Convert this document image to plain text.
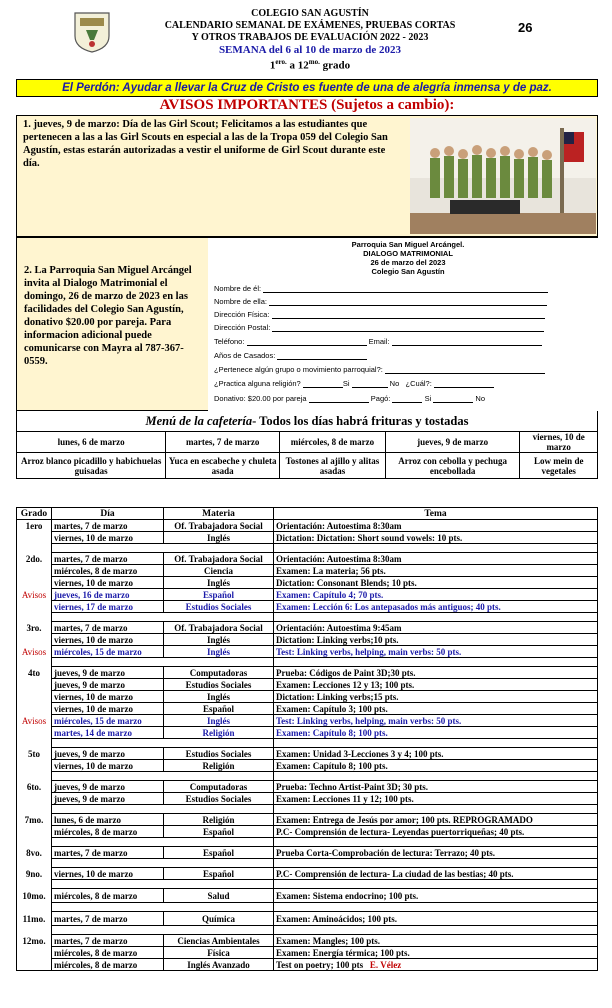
COLEGIO SAN AGUSTÍN
CALENDARIO SEMANAL DE EXÁMENES, PRUEBAS CORTAS
Y OTROS TRABAJOS DE EVALUACIÓN 2022 - 2023
SEMANA del 6 al 10 de marzo de 2023
$1^{ero.}$ a $12^{mo.}$ grado
26
El Perdón: Ayudar a llevar la Cruz de Cristo es fuente de una de alegría inmensa y de paz.
AVISOS IMPORTANTES (Sujetos a cambio):
1. jueves, 9 de marzo: Día de las Girl Scout; Felicitamos a las estudiantes que pertenecen a las a las Girl Scouts en especial a las de la Tropa 059 del Colegio San Agustín, estas estarán autorizadas a vestir el uniforme de Girl Scout durante este día.
2. La Parroquia San Miguel Arcángel invita al Dialogo Matrimonial el domingo, 26 de marzo de 2023 en las facilidades del Colegio San Agustín, donativo $20.00 por pareja. Para informacion adicional puede comunicarse con Mayra al 787-367-0559.
Parroquia San Miguel Arcángel.
DIALOGO MATRIMONIAL
26 de marzo del 2023
Colegio San Agustín
Nombre de él:
Nombre de ella:
Dirección Física:
Dirección Postal:
Teléfono:	Email:
Años de Casados:
¿Pertenece algún grupo o movimiento parroquial?:
¿Practica alguna religión?	Si	No ¿Cuál?:
Donativo: $20.00 por pareja	Pagó:	Si	No
Menú de la cafetería- Todos los días habrá frituras y tostadas
lunes, 6 de marzo	martes, 7 de marzo	miércoles, 8 de marzo	jueves, 9 de marzo	viernes, 10 de marzo
Arroz blanco picadillo y habichuelas guisadas	Yuca en escabeche y chuleta asada	Tostones al ajillo y alitas asadas	Arroz con cebolla y pechuga encebollada	Low mein de vegetales
Grado	Día	Materia	Tema
1ero	martes, 7 de marzo	Of. Trabajadora Social	Orientación: Autoestima 8:30am
	viernes, 10 de marzo	Inglés	Dictation: Dictation: Short sound vowels: 10 pts.

2do.	martes, 7 de marzo	Of. Trabajadora Social	Orientación: Autoestima 8:30am
	miércoles, 8 de marzo	Ciencia	Examen: La materia; 56 pts.
	viernes, 10 de marzo	Inglés	Dictation: Consonant Blends; 10 pts.
Avisos	jueves, 16 de marzo	Español	Examen: Capítulo 4; 70 pts.
	viernes, 17 de marzo	Estudios Sociales	Examen: Lección 6: Los antepasados más antiguos; 40 pts.

3ro.	martes, 7 de marzo	Of. Trabajadora Social	Orientación: Autoestima 9:45am
	viernes, 10 de marzo	Inglés	Dictation: Linking verbs;10 pts.
Avisos	miércoles, 15 de marzo	Inglés	Test: Linking verbs, helping, main verbs: 50 pts.

4to	jueves, 9 de marzo	Computadoras	Prueba: Códigos de Paint 3D;30 pts.
	jueves, 9 de marzo	Estudios Sociales	Examen: Lecciones 12 y 13; 100 pts.
	viernes, 10 de marzo	Inglés	Dictation: Linking verbs;15 pts.
	viernes, 10 de marzo	Español	Examen: Capítulo 3; 100 pts.
Avisos	miércoles, 15 de marzo	Inglés	Test: Linking verbs, helping, main verbs: 50 pts.
	martes, 14 de marzo	Religión	Examen: Capítulo 8; 100 pts.

5to	jueves, 9 de marzo	Estudios Sociales	Examen: Unidad 3-Lecciones 3 y 4; 100 pts.
	viernes, 10 de marzo	Religión	Examen: Capítulo 8; 100 pts.

6to.	jueves, 9 de marzo	Computadoras	Prueba: Techno Artist-Paint 3D; 30 pts.
	jueves, 9 de marzo	Estudios Sociales	Examen: Lecciones 11 y 12; 100 pts.

7mo.	lunes, 6 de marzo	Religión	Examen: Entrega de Jesús por amor; 100 pts. REPROGRAMADO
	miércoles, 8 de marzo	Español	P.C- Comprensión de lectura- Leyendas puertorriqueñas; 40 pts.

8vo.	martes, 7 de marzo	Español	Prueba Corta-Comprobación de lectura: Terrazo; 40 pts.

9no.	viernes, 10 de marzo	Español	P.C- Comprensión de lectura- La ciudad de las bestias; 40 pts.

10mo.	miércoles, 8 de marzo	Salud	Examen: Sistema endocrino; 100 pts.

11mo.	martes, 7 de marzo	Química	Examen: Aminoácidos; 100 pts.

12mo.	martes, 7 de marzo	Ciencias Ambientales	Examen: Mangles; 100 pts.
	miércoles, 8 de marzo	Física	Examen: Energía térmica; 100 pts.
	miércoles, 8 de marzo	Inglés Avanzado	Test on poetry; 100 pts E. Vélez
